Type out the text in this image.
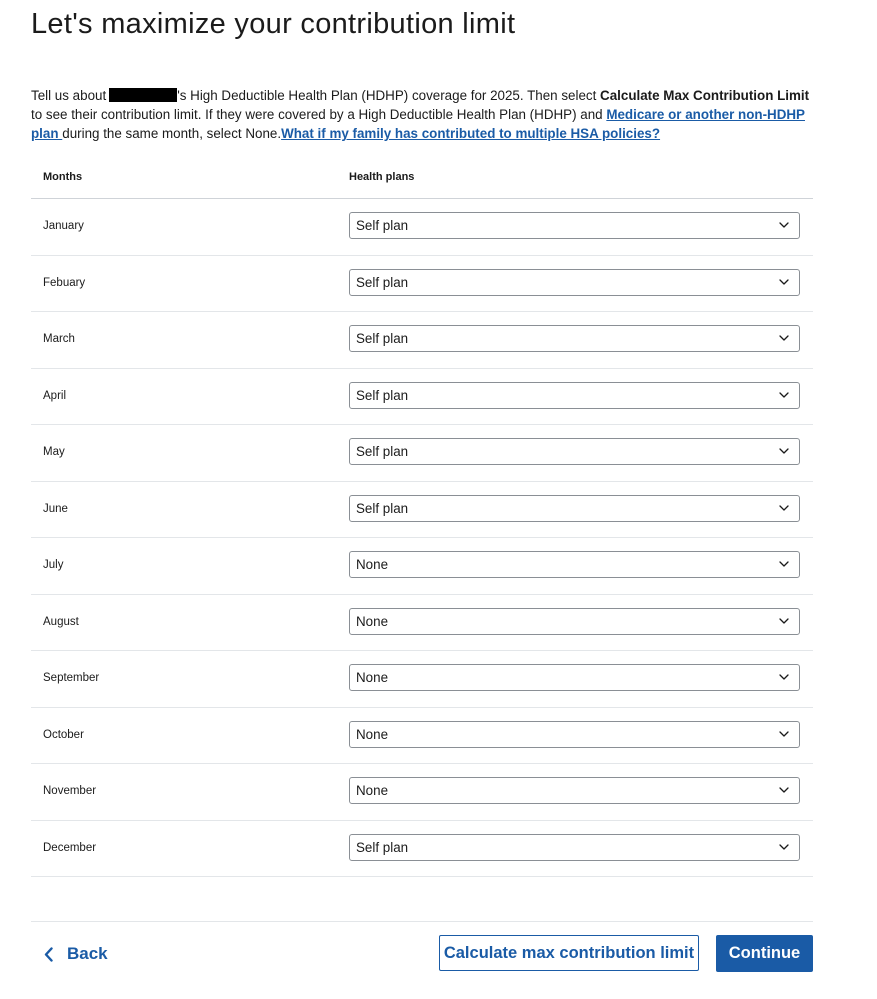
Let's maximize your contribution limit

Tell us about	's High Deductible Health Plan (HDHP) coverage for 2025. Then select Calculate Max Contribution Limit to see their contribution limit. If they were covered by a High Deductible Health Plan (HDHP) and Medicare or another non-HDHP plan during the same month, select None.What if my family has contributed to multiple HSA policies?

Months	Health plans
January	Self plan
Febuary	Self plan
March	Self plan
April	Self plan
May	Self plan
June	Self plan
July	None
August	None
September	None
October	None
November	None
December	Self plan
Back	Calculate max contribution limit	Continue
